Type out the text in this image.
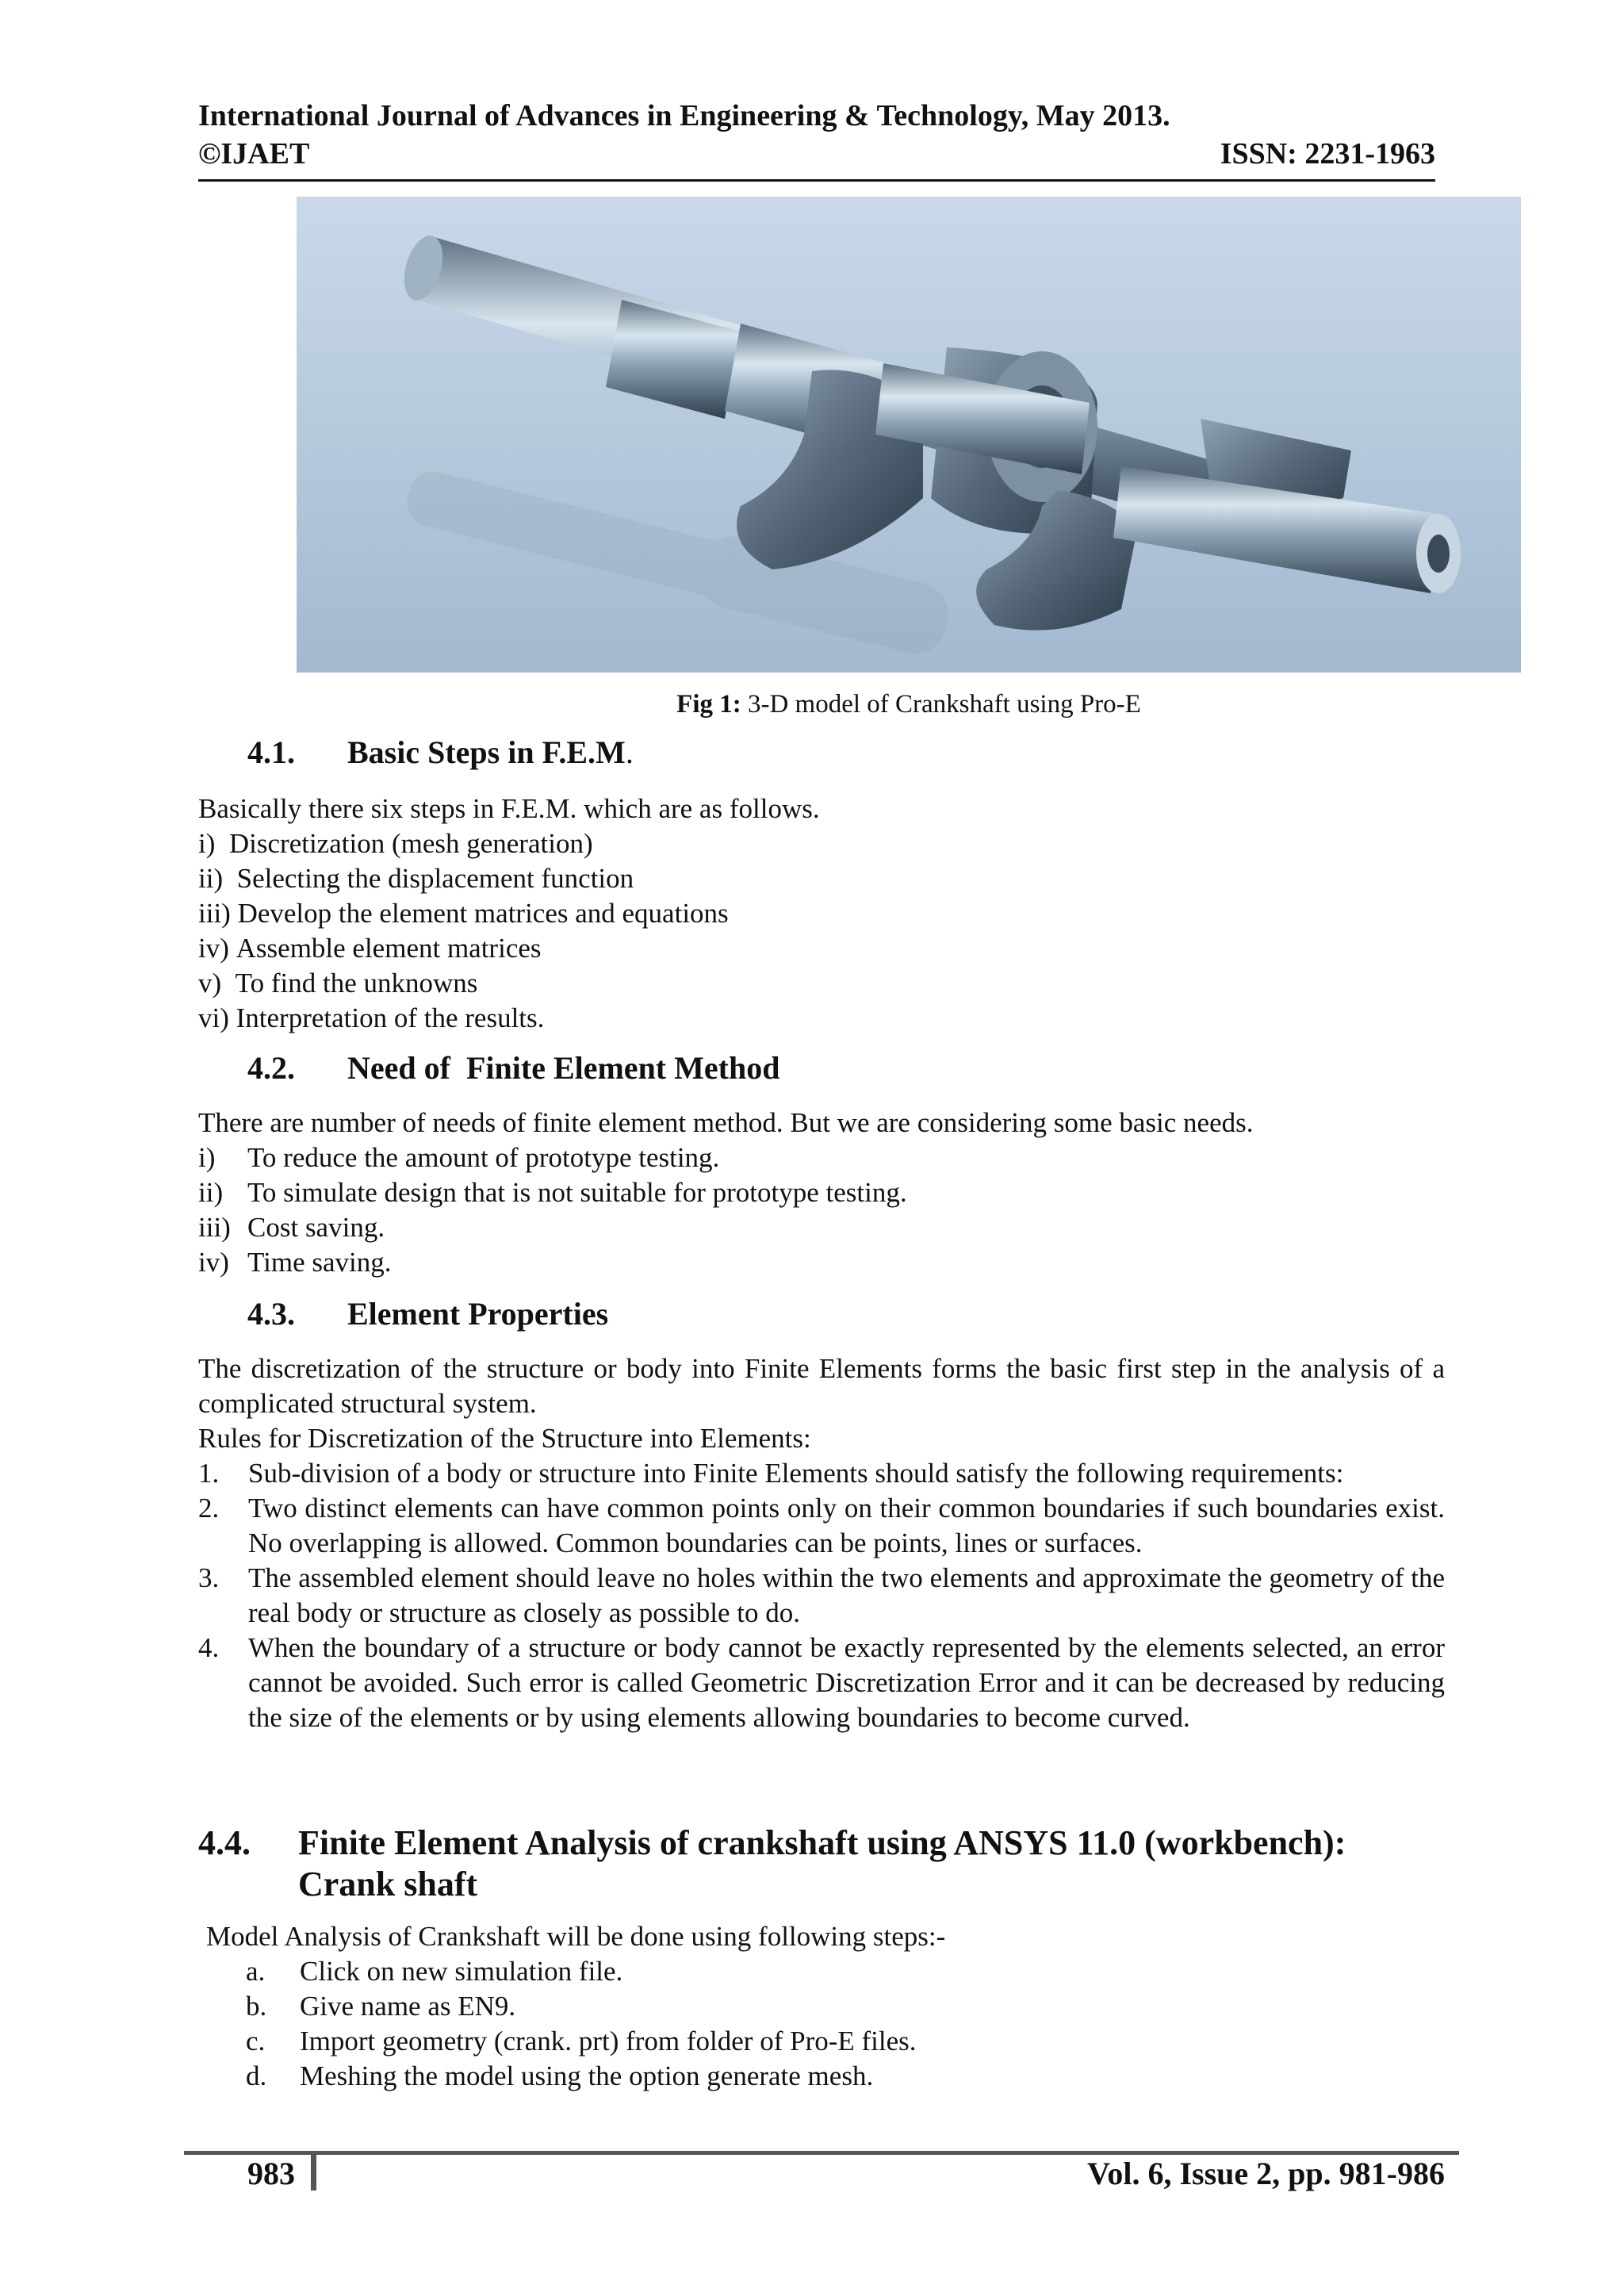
International Journal of Advances in Engineering & Technology, May 2013.
©IJAET	ISSN: 2231-1963
Fig 1: 3-D model of Crankshaft using Pro-E
4.1. Basic Steps in F.E.M.
Basically there six steps in F.E.M. which are as follows.
i)
Discretization (mesh generation)
ii)
Selecting the displacement function
iii)
Develop the element matrices and equations
iv)
Assemble element matrices
v)
To find the unknowns
vi)
Interpretation of the results.
4.2. Need of  Finite Element Method
There are number of needs of finite element method. But we are considering some basic needs.
i)	To reduce the amount of prototype testing.
ii) To simulate design that is not suitable for prototype testing.
iii) Cost saving.
iv) Time saving.
4.3. Element Properties
The discretization of the structure or body into Finite Elements forms the basic first step in the analysis of a complicated structural system.
Rules for Discretization of the Structure into Elements:
1.	Sub-division of a body or structure into Finite Elements should satisfy the following requirements:
2.	Two distinct elements can have common points only on their common boundaries if such boundaries exist. No overlapping is allowed. Common boundaries can be points, lines or surfaces.
3.	The assembled element should leave no holes within the two elements and approximate the geometry of the real body or structure as closely as possible to do.
4.	When the boundary of a structure or body cannot be exactly represented by the elements selected, an error cannot be avoided. Such error is called Geometric Discretization Error and it can be decreased by reducing the size of the elements or by using elements allowing boundaries to become curved.
4.4.	Finite Element Analysis of crankshaft using ANSYS 11.0 (workbench):
Crank shaft
Model Analysis of Crankshaft will be done using following steps:-
a.	Click on new simulation file.
b.	Give name as EN9.
c.	Import geometry (crank. prt) from folder of Pro-E files.
d.	Meshing the model using the option generate mesh.
983	Vol. 6, Issue 2, pp. 981-986
